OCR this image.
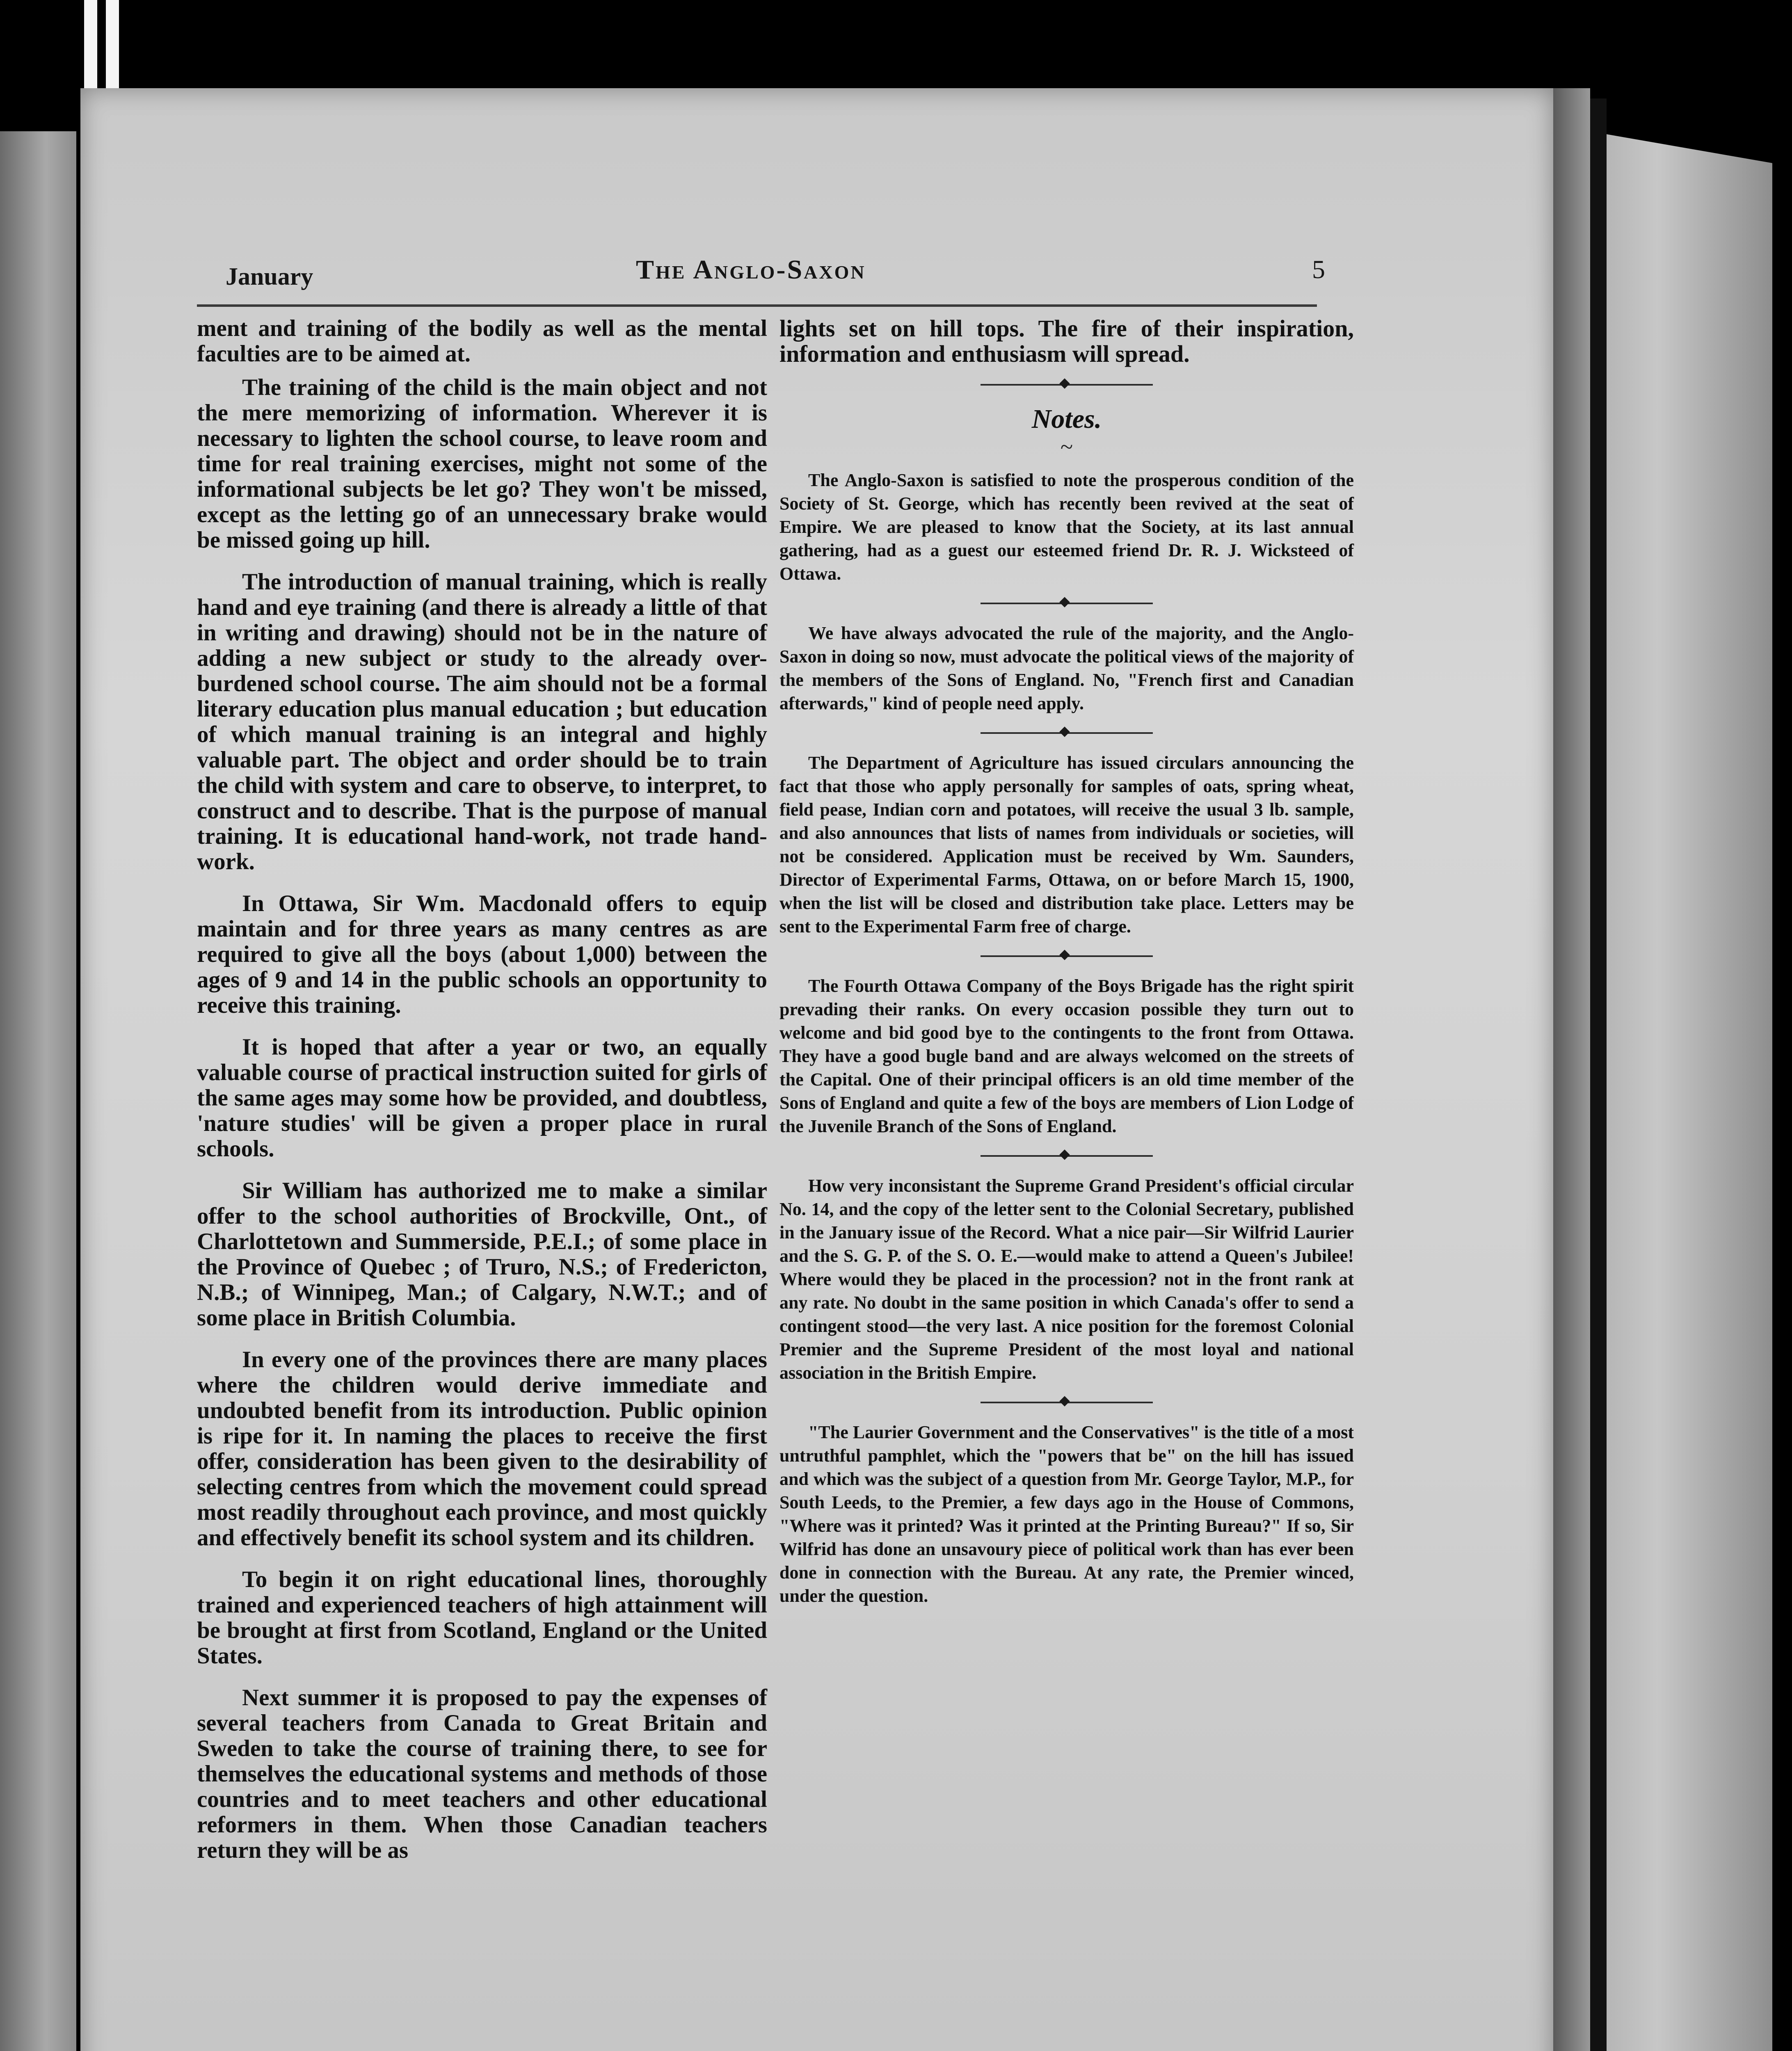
January	The Anglo-Saxon	5

ment and training of the bodily as well as the mental faculties are to be aimed at.

The training of the child is the main object and not the mere memorizing of information. Wherever it is necessary to lighten the school course, to leave room and time for real training exercises, might not some of the informational subjects be let go? They won't be missed, except as the letting go of an unnecessary brake would be missed going up hill.

The introduction of manual training, which is really hand and eye training (and there is already a little of that in writing and drawing) should not be in the nature of adding a new subject or study to the already over-burdened school course. The aim should not be a formal literary education plus manual education ; but education of which manual training is an integral and highly valuable part. The object and order should be to train the child with system and care to observe, to interpret, to construct and to describe. That is the purpose of manual training. It is educational hand-work, not trade hand-work.

In Ottawa, Sir Wm. Macdonald offers to equip maintain and for three years as many centres as are required to give all the boys (about 1,000) between the ages of 9 and 14 in the public schools an opportunity to receive this training.

It is hoped that after a year or two, an equally valuable course of practical instruction suited for girls of the same ages may some how be provided, and doubtless, 'nature studies' will be given a proper place in rural schools.

Sir William has authorized me to make a similar offer to the school authorities of Brockville, Ont., of Charlottetown and Summerside, P.E.I.; of some place in the Province of Quebec ; of Truro, N.S.; of Fredericton, N.B.; of Winnipeg, Man.; of Calgary, N.W.T.; and of some place in British Columbia.

In every one of the provinces there are many places where the children would derive immediate and undoubted benefit from its introduction. Public opinion is ripe for it. In naming the places to receive the first offer, consideration has been given to the desirability of selecting centres from which the movement could spread most readily throughout each province, and most quickly and effectively benefit its school system and its children.

To begin it on right educational lines, thoroughly trained and experienced teachers of high attainment will be brought at first from Scotland, England or the United States.

Next summer it is proposed to pay the expenses of several teachers from Canada to Great Britain and Sweden to take the course of training there, to see for themselves the educational systems and methods of those countries and to meet teachers and other educational reformers in them. When those Canadian teachers return they will be as

lights set on hill tops. The fire of their inspiration, information and enthusiasm will spread.

Notes.
~

The Anglo-Saxon is satisfied to note the prosperous condition of the Society of St. George, which has recently been revived at the seat of Empire. We are pleased to know that the Society, at its last annual gathering, had as a guest our esteemed friend Dr. R. J. Wicksteed of Ottawa.

We have always advocated the rule of the majority, and the Anglo-Saxon in doing so now, must advocate the political views of the majority of the members of the Sons of England. No, "French first and Canadian afterwards," kind of people need apply.

The Department of Agriculture has issued circulars announcing the fact that those who apply personally for samples of oats, spring wheat, field pease, Indian corn and potatoes, will receive the usual 3 lb. sample, and also announces that lists of names from individuals or societies, will not be considered. Application must be received by Wm. Saunders, Director of Experimental Farms, Ottawa, on or before March 15, 1900, when the list will be closed and distribution take place. Letters may be sent to the Experimental Farm free of charge.

The Fourth Ottawa Company of the Boys Brigade has the right spirit prevading their ranks. On every occasion possible they turn out to welcome and bid good bye to the contingents to the front from Ottawa. They have a good bugle band and are always welcomed on the streets of the Capital. One of their principal officers is an old time member of the Sons of England and quite a few of the boys are members of Lion Lodge of the Juvenile Branch of the Sons of England.

How very inconsistant the Supreme Grand President's official circular No. 14, and the copy of the letter sent to the Colonial Secretary, published in the January issue of the Record. What a nice pair—Sir Wilfrid Laurier and the S. G. P. of the S. O. E.—would make to attend a Queen's Jubilee! Where would they be placed in the procession? not in the front rank at any rate. No doubt in the same position in which Canada's offer to send a contingent stood—the very last. A nice position for the foremost Colonial Premier and the Supreme President of the most loyal and national association in the British Empire.

"The Laurier Government and the Conservatives" is the title of a most untruthful pamphlet, which the "powers that be" on the hill has issued and which was the subject of a question from Mr. George Taylor, M.P., for South Leeds, to the Premier, a few days ago in the House of Commons, "Where was it printed? Was it printed at the Printing Bureau?" If so, Sir Wilfrid has done an unsavoury piece of political work than has ever been done in connection with the Bureau. At any rate, the Premier winced, under the question.
